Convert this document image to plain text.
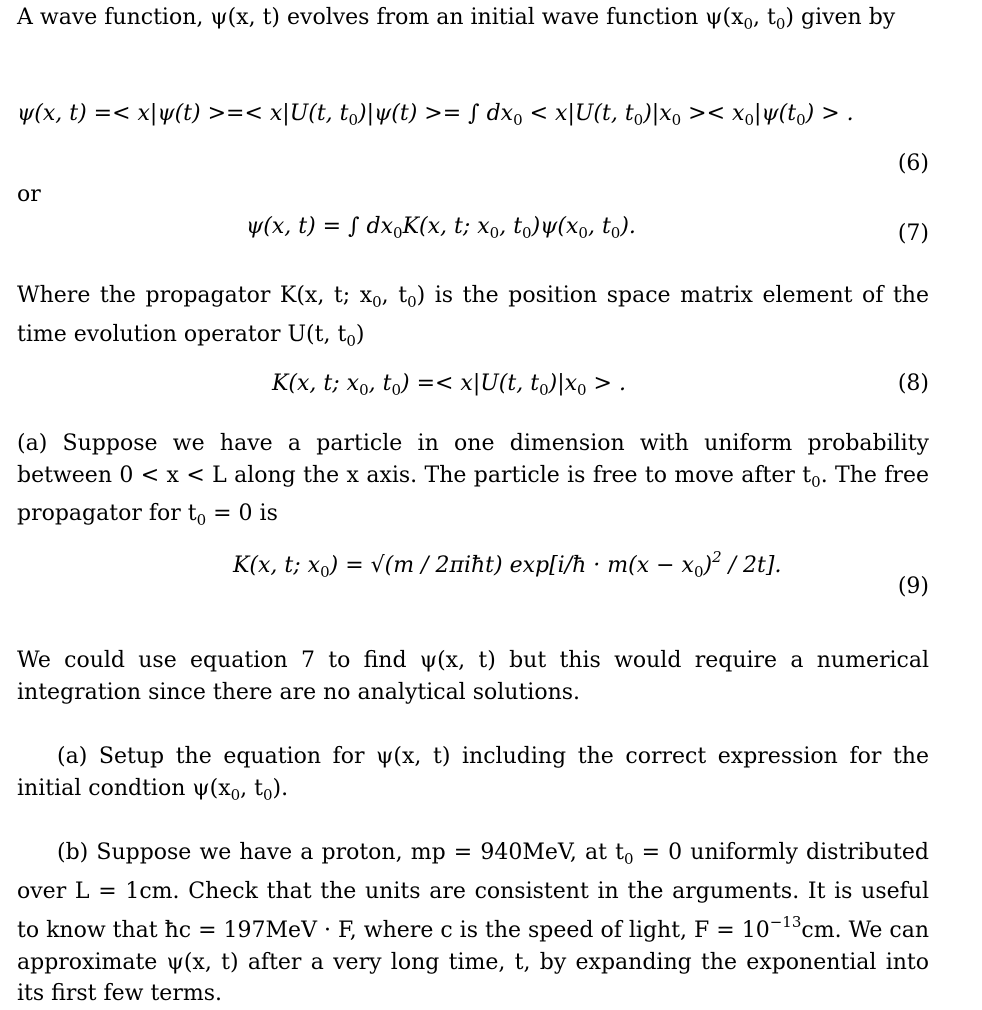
A wave function, ψ(x, t) evolves from an initial wave function $\psi(x_0$, $t_0$) given by
ψ(x, t) =< x|ψ(t) >=< x|U(t, $t_0)|\psi(t)$ >= ∫ $dx_0 < x|U(t$, $t_0)|x_0 >< x_0|\psi(t_0)$ > .
(6)
or
ψ(x, t) = ∫ $dx_0K(x$, t; $x_0$, $t_0)\psi(x_0$, $t_0$).	(7)
Where the propagator K(x, t; $x_0$, $t_0$) is the position space matrix element of the time evolution operator U(t, $t_0$)
K(x, t; $x_0$, $t_0) =< x|U(t$, $t_0)|x_0$ > .	(8)
(a) Suppose we have a particle in one dimension with uniform probability between 0 < x < L along the x axis. The particle is free to move after $t_0$. The free propagator for $t_0 = 0$ is
K(x, t; $x_0) = √(m$ / 2πiħt) exp[i/ħ · $m(x - x_0)^2 / 2t$].
(9)
We could use equation 7 to find ψ(x, t) but this would require a numerical integration since there are no analytical solutions.
(a) Setup the equation for ψ(x, t) including the correct expression for the initial condtion $\psi(x_0$, $t_0$).
(b) Suppose we have a proton, mp = 940MeV, at $t_0 = 0$ uniformly distributed over L = 1cm. Check that the units are consistent in the arguments. It is useful to know that ħc = 197MeV · F, where c is the speed of light, $F = 10^{-13}cm$. We can approximate ψ(x, t) after a very long time, t, by expanding the exponential into its first few terms.
